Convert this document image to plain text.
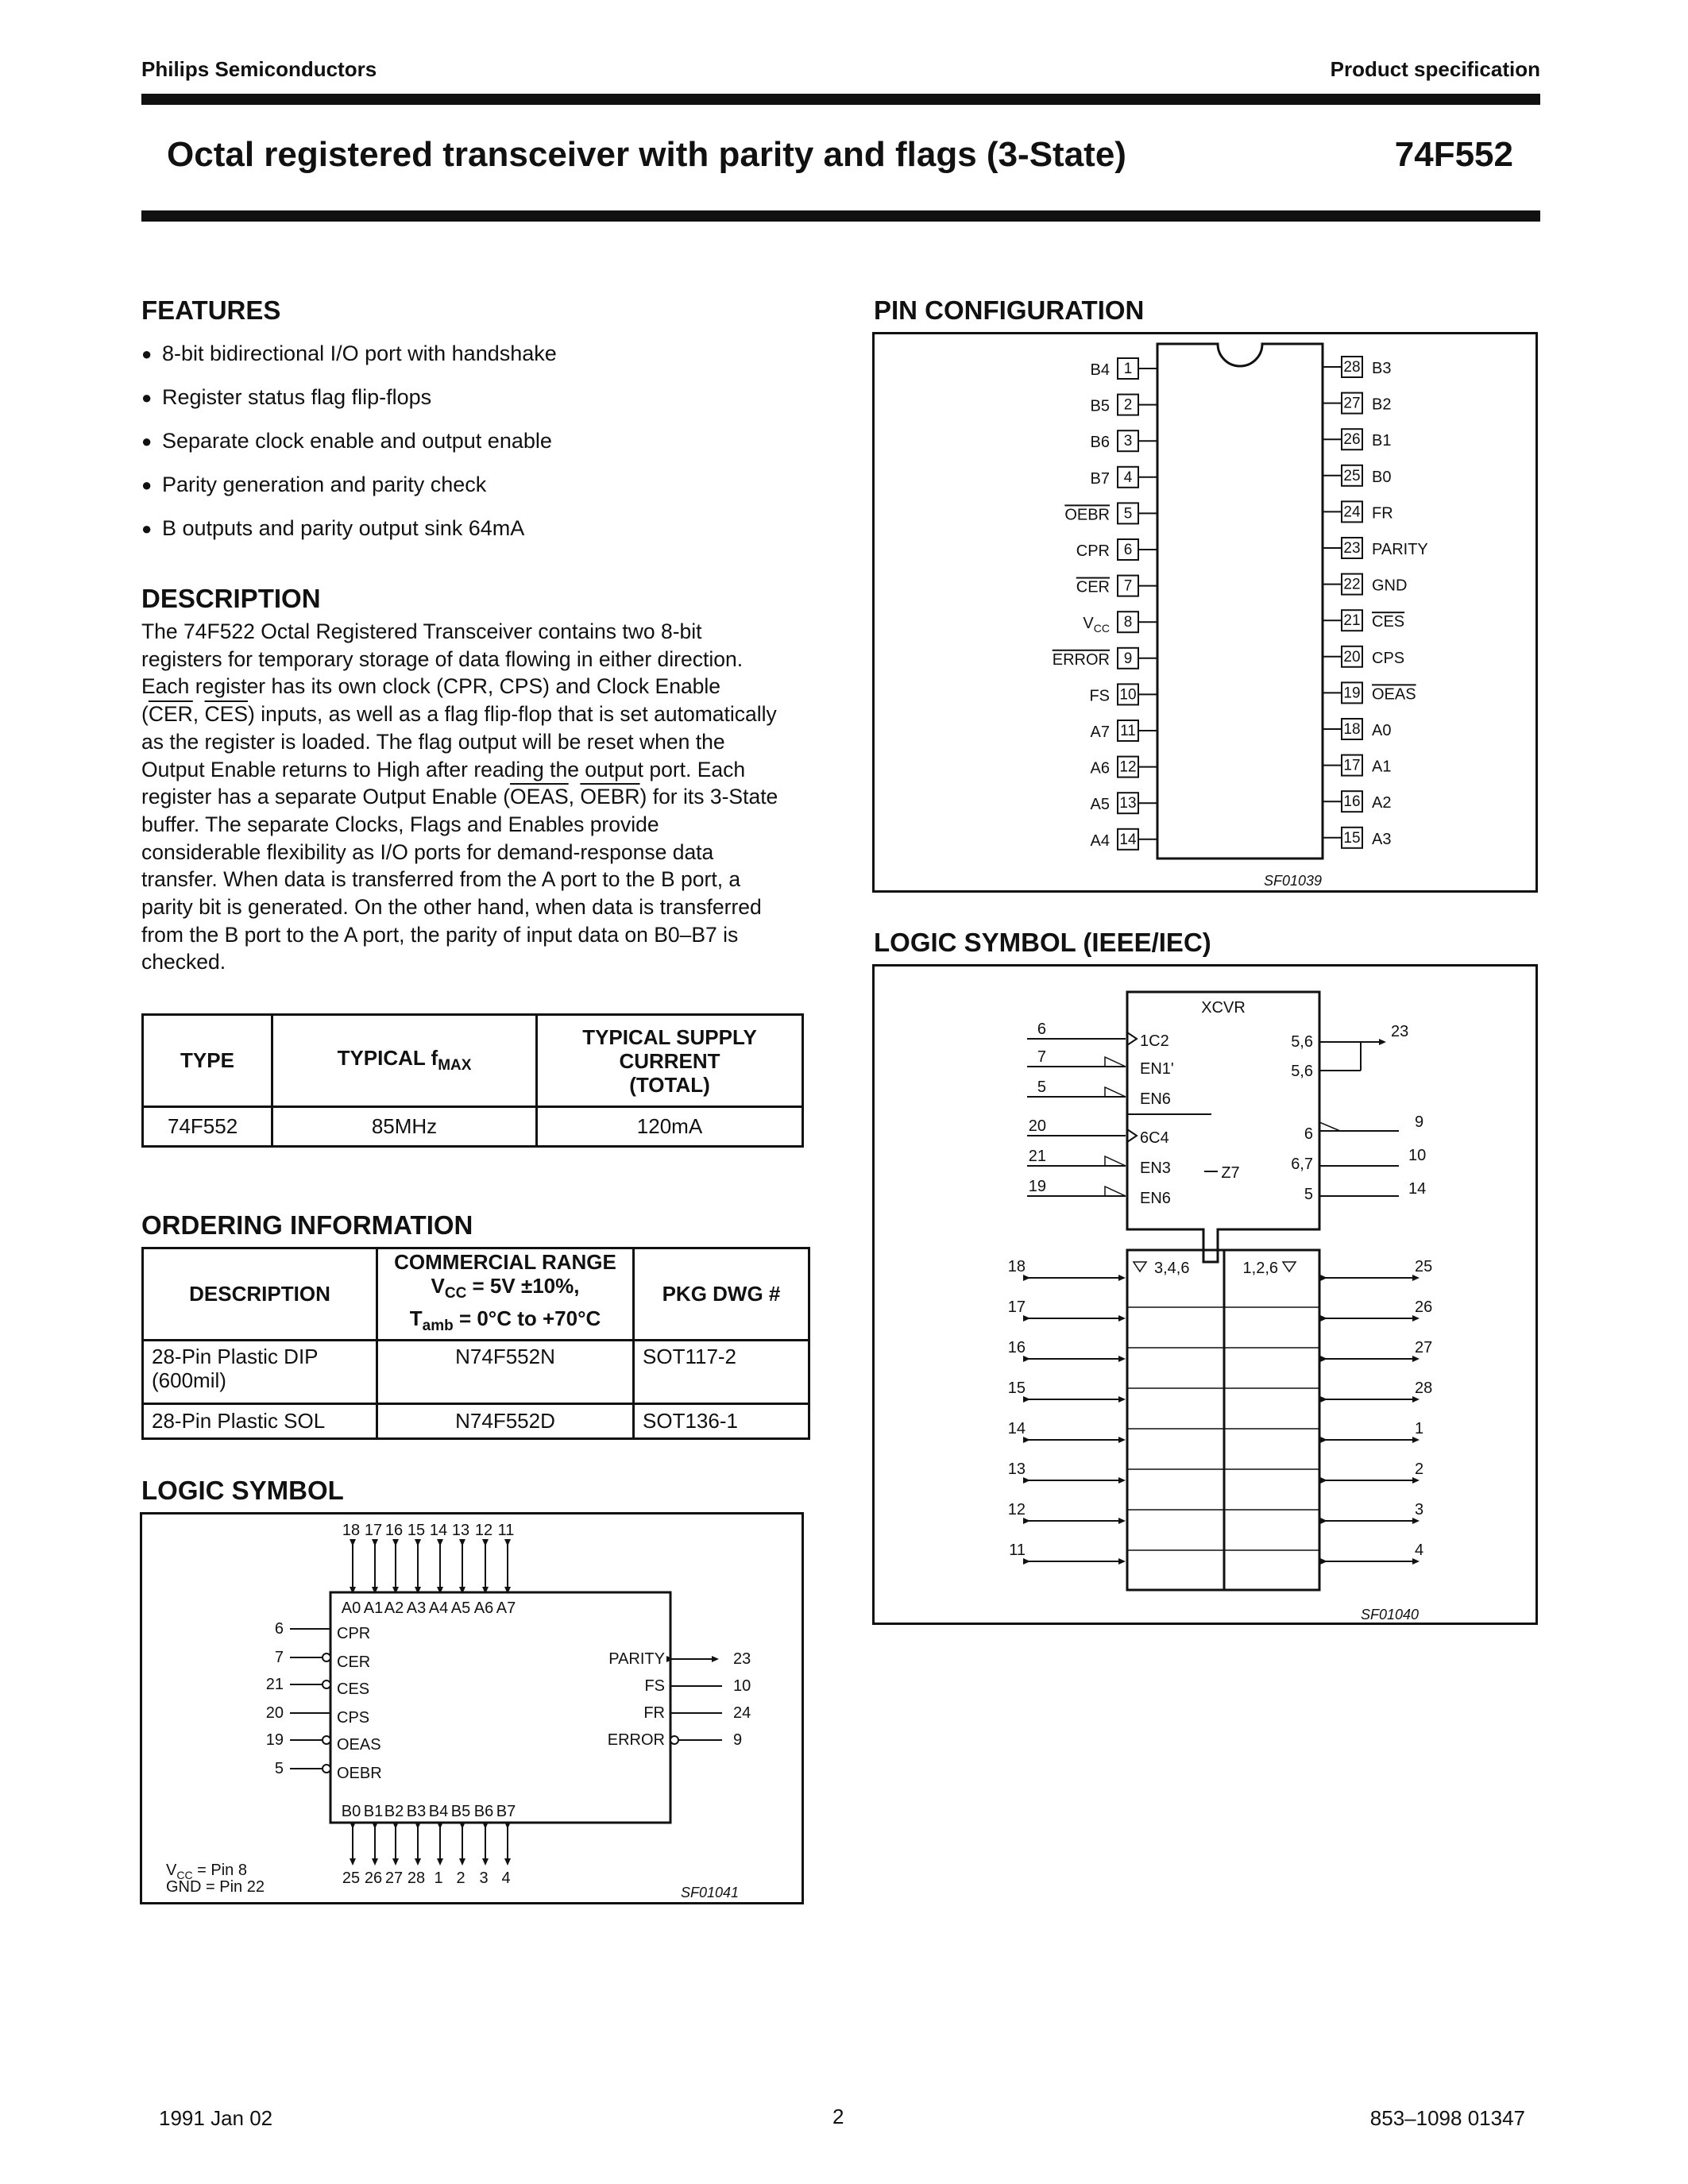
Philips Semiconductors	Product specification
Octal registered transceiver with parity and flags (3-State)	74F552
FEATURES
● 8-bit bidirectional I/O port with handshake
● Register status flag flip-flops
● Separate clock enable and output enable
● Parity generation and parity check
● B outputs and parity output sink 64mA
DESCRIPTION
The 74F522 Octal Registered Transceiver contains two 8-bit
registers for temporary storage of data flowing in either direction.
Each register has its own clock (CPR, CPS) and Clock Enable
($\overline{CER}$, $\overline{CES}$) inputs, as well as a flag flip-flop that is set automatically
as the register is loaded. The flag output will be reset when the
Output Enable returns to High after reading the output port. Each
register has a separate Output Enable (OEAS, OEBR) for its 3-State
buffer. The separate Clocks, Flags and Enables provide
considerable flexibility as I/O ports for demand-response data
transfer. When data is transferred from the A port to the B port, a
parity bit is generated. On the other hand, when data is transferred
from the B port to the A port, the parity of input data on B0–B7 is
checked.
TYPE	TYPICAL $f_{MAX}$	TYPICAL SUPPLY
CURRENT
(TOTAL)

74F552	85MHz	120mA
ORDERING INFORMATION
DESCRIPTION	COMMERCIAL RANGE
$V_{CC} = 5V \pm 10\%$,
$T_{amb} = 0^\circ C$ to +70°C	PKG DWG #
28-Pin Plastic DIP (600mil)	N74F552N	SOT117-2
28-Pin Plastic SOL	N74F552D	SOT136-1
LOGIC SYMBOL
18
A0
B0
25
17
A1
B1
26
16
A2
B2
27
15
A3
B3
28
14
A4
B4
1
13
A5
B5
2
12
A6
B6
3
11
A7
B7
4
6	CPR
7	CER
21	CES
20	CPS
19	OEAS
5	OEBR
PARITY	23
FS	10
FR	24
ERROR	9
$V_{CC}$ = Pin 8
GND = Pin 22	SF01041
PIN CONFIGURATION
1
B4	28 B3
2
B5	27 B2
3
B6	26 B1
4
B7	25 B0
5
OEBR	24 FR
6
CPR	23 PARITY
7
CER	22 GND
8
$V_{CC}$	21 CES
9
ERROR	20 CPS
10
FS	19 OEAS
11
A7	18 A0
12
A6	17 A1
13
A5	16 A2
14
A4	15 A3
SF01039
LOGIC SYMBOL (IEEE/IEC)
XCVR
6
1C2
7
EN1'
5
EN6
20
6C4
21
EN3
19
EN6
Z7
5,6
5,6
6
6,7
5
23
9
10
14
3,4,6	1,2,6
18	25
17	26
16	27
15	28
14	1
13	2
12	3
11	4
SF01040
1991 Jan 02	2	853–1098 01347
